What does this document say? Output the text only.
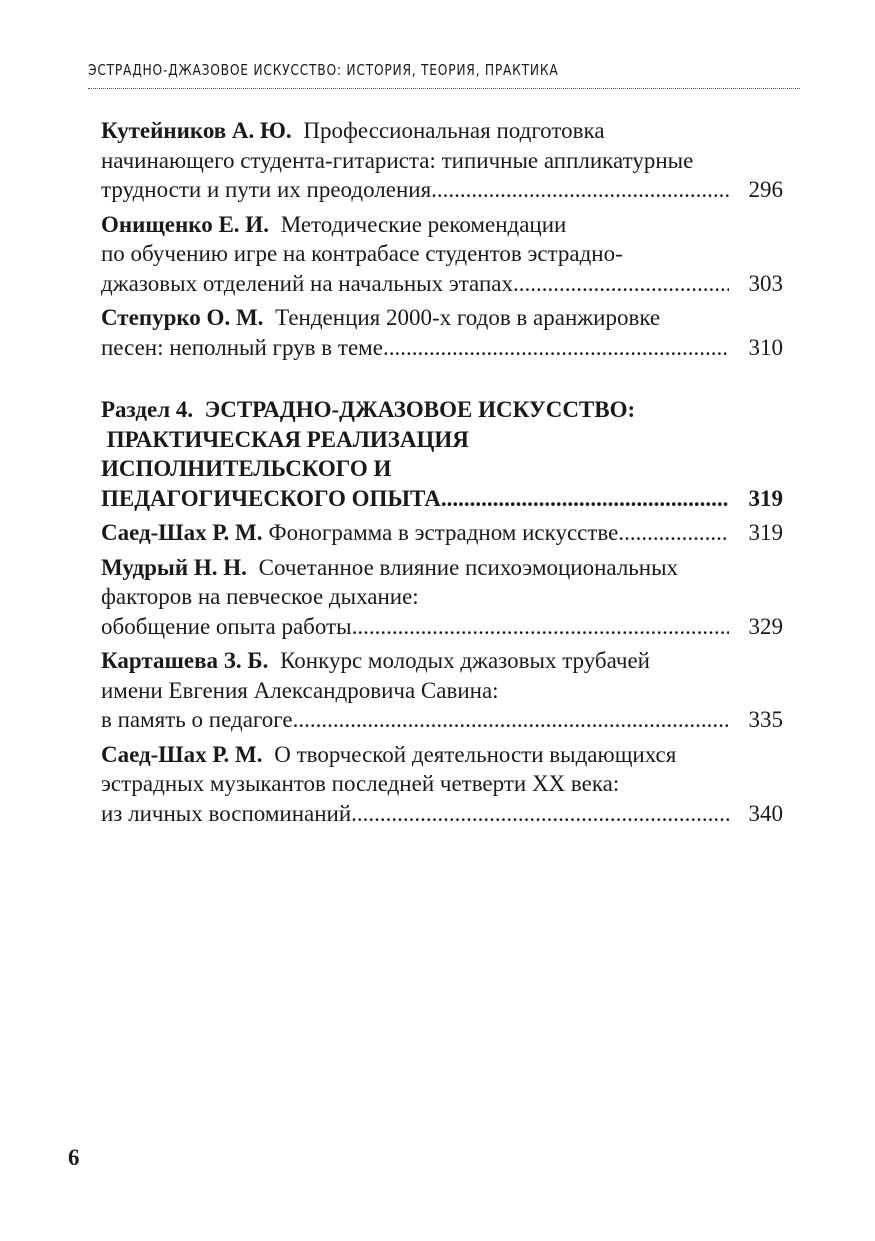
ЭСТРАДНО-ДЖАЗОВОЕ ИСКУССТВО: ИСТОРИЯ, ТЕОРИЯ, ПРАКТИКА
Кутейников А. Ю. Профессиональная подготовка
начинающего студента-гитариста: типичные аппликатурные
трудности и пути их преодоления .....	296
Онищенко Е. И. Методические рекомендации
по обучению игре на контрабасе студентов эстрадно-
джазовых отделений на начальных этапах .....	303
Степурко О. М. Тенденция 2000-х годов в аранжировке
песен: неполный грув в теме .....	310
Раздел 4.  ЭСТРАДНО-ДЖАЗОВОЕ ИСКУССТВО:
ПРАКТИЧЕСКАЯ РЕАЛИЗАЦИЯ
ИСПОЛНИТЕЛЬСКОГО И
ПЕДАГОГИЧЕСКОГО ОПЫТА .....	319
Саед-Шах Р. М. Фонограмма в эстрадном искусстве .....	319
Мудрый Н. Н. Сочетанное влияние психоэмоциональных
факторов на певческое дыхание:
обобщение опыта работы .....	329
Карташева З. Б. Конкурс молодых джазовых трубачей
имени Евгения Александровича Савина:
в память о педагоге .....	335
Саед-Шах Р. М. О творческой деятельности выдающихся
эстрадных музыкантов последней четверти XX века:
из личных воспоминаний .....	340
6
